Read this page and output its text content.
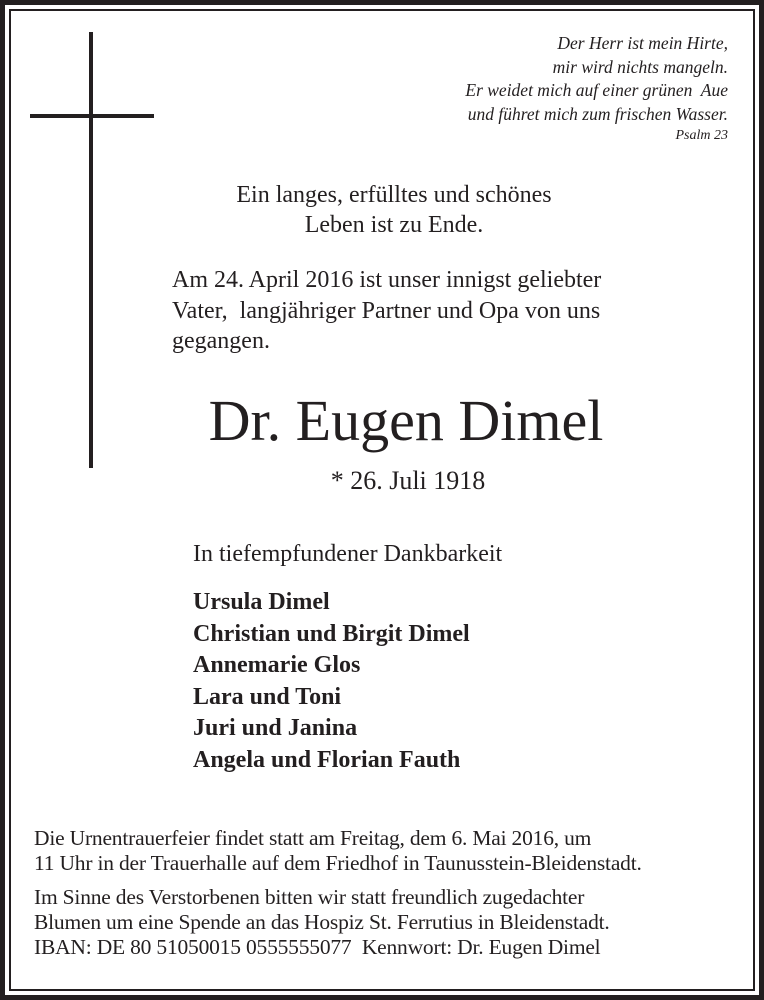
Der Herr ist mein Hirte,
mir wird nichts mangeln.
Er weidet mich auf einer grünen  Aue
und führet mich zum frischen Wasser.
Psalm 23
Ein langes, erfülltes und schönes
Leben ist zu Ende.
Am 24. April 2016 ist unser innigst geliebter
Vater,  langjähriger Partner und Opa von uns
gegangen.
Dr. Eugen Dimel
* 26. Juli 1918
In tiefempfundener Dankbarkeit
Ursula Dimel
Christian und Birgit Dimel
Annemarie Glos
Lara und Toni
Juri und Janina
Angela und Florian Fauth
Die Urnentrauerfeier findet statt am Freitag, dem 6. Mai 2016, um
11 Uhr in der Trauerhalle auf dem Friedhof in Taunusstein-Bleidenstadt.
Im Sinne des Verstorbenen bitten wir statt freundlich zugedachter
Blumen um eine Spende an das Hospiz St. Ferrutius in Bleidenstadt.
IBAN: DE 80 51050015 0555555077  Kennwort: Dr. Eugen Dimel
